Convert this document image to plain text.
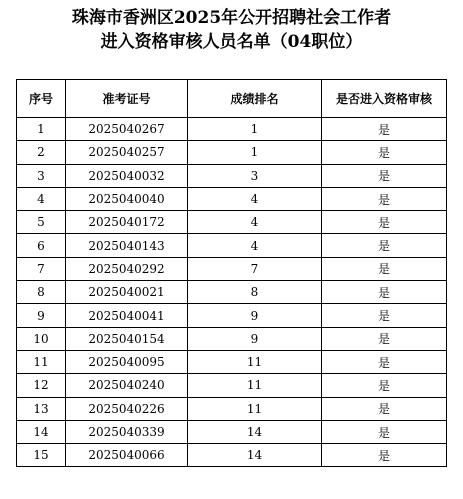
珠海市香洲区2025年公开招聘社会工作者
进入资格审核人员名单（04职位）
序号	准考证号	成绩排名	是否进入资格审核
1	2025040267	1	是
2	2025040257	1	是
3	2025040032	3	是
4	2025040040	4	是
5	2025040172	4	是
6	2025040143	4	是
7	2025040292	7	是
8	2025040021	8	是
9	2025040041	9	是
10	2025040154	9	是
11	2025040095	11	是
12	2025040240	11	是
13	2025040226	11	是
14	2025040339	14	是
15	2025040066	14	是
